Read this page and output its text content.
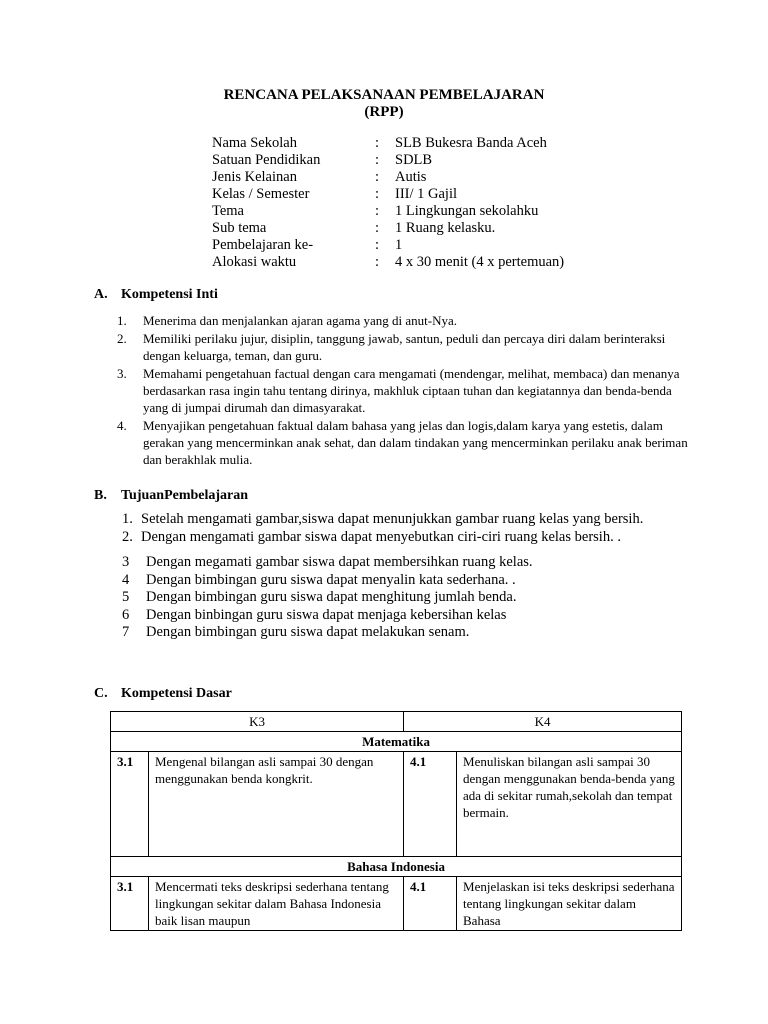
RENCANA PELAKSANAAN PEMBELAJARAN
(RPP)
Nama Sekolah	: SLB Bukesra Banda Aceh
Satuan Pendidikan	: SDLB
Jenis Kelainan	: Autis
Kelas / Semester	: III/ 1 Gajil
Tema	: 1 Lingkungan sekolahku
Sub tema	: 1 Ruang kelasku.
Pembelajaran ke-	: 1
Alokasi waktu	: 4 x 30 menit (4 x pertemuan)
A. Kompetensi Inti
1. Menerima dan menjalankan ajaran agama yang di anut-Nya.
2. Memiliki perilaku jujur, disiplin, tanggung jawab, santun, peduli dan percaya diri dalam berinteraksi dengan keluarga, teman, dan guru.
3. Memahami pengetahuan factual dengan cara mengamati (mendengar, melihat, membaca) dan menanya berdasarkan rasa ingin tahu tentang dirinya, makhluk ciptaan tuhan dan kegiatannya dan benda-benda yang di jumpai dirumah dan dimasyarakat.
4. Menyajikan pengetahuan faktual dalam bahasa yang jelas dan logis,dalam karya yang estetis, dalam gerakan yang mencerminkan anak sehat, dan dalam tindakan yang mencerminkan perilaku anak beriman dan berakhlak mulia.
B. TujuanPembelajaran
1. Setelah mengamati gambar,siswa dapat menunjukkan gambar ruang kelas yang bersih.
2. Dengan mengamati gambar siswa dapat menyebutkan ciri-ciri ruang kelas bersih. .
3 Dengan megamati gambar siswa dapat membersihkan ruang kelas.
4 Dengan bimbingan guru siswa dapat menyalin kata sederhana. .
5 Dengan bimbingan guru siswa dapat menghitung jumlah benda.
6 Dengan binbingan guru siswa dapat menjaga kebersihan kelas
7 Dengan bimbingan guru siswa dapat melakukan senam.
C. Kompetensi Dasar
K3		K4	
Matematika			
3.1	Mengenal bilangan asli sampai 30 dengan menggunakan benda kongkrit.	4.1	Menuliskan bilangan asli sampai 30 dengan menggunakan benda-benda yang ada di sekitar rumah,sekolah dan tempat bermain.
Bahasa Indonesia			
3.1	Mencermati teks deskripsi sederhana tentang lingkungan sekitar dalam Bahasa Indonesia baik lisan maupun	4.1	Menjelaskan isi teks deskripsi sederhana tentang lingkungan sekitar dalam Bahasa
